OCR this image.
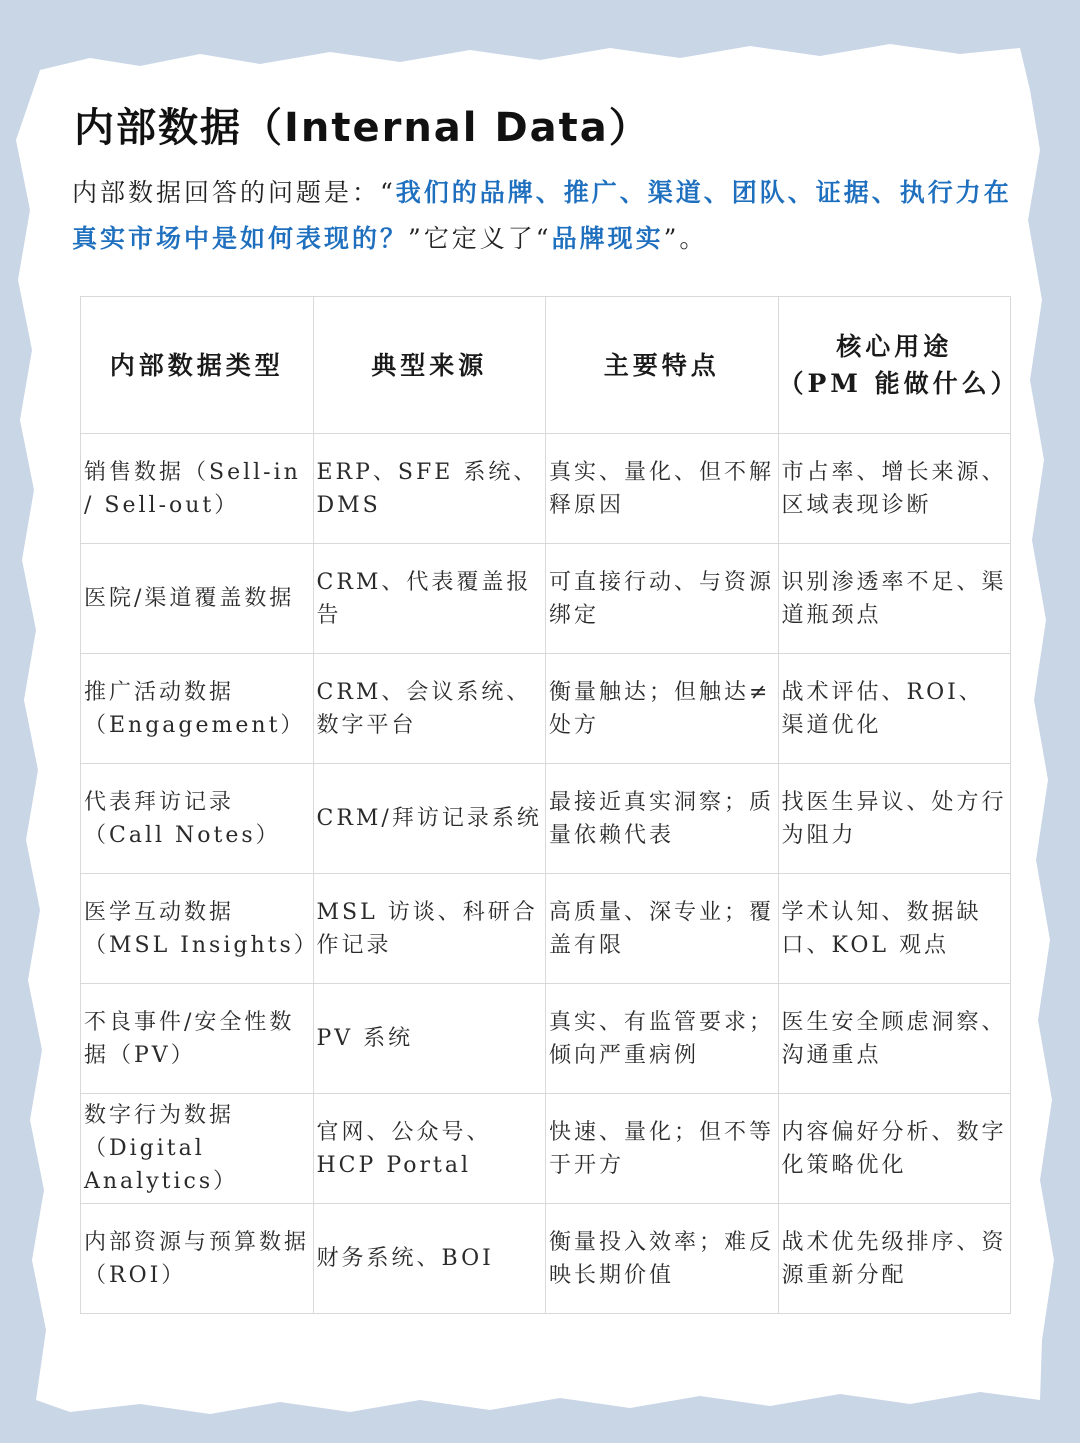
内部数据（Internal Data）
内部数据回答的问题是：“我们的品牌、推广、渠道、团队、证据、执行力在真实市场中是如何表现的？”它定义了“品牌现实”。
内部数据类型	典型来源	主要特点	核心用途
（PM 能做什么）

销售数据（Sell-in / Sell-out）	ERP、SFE 系统、DMS	真实、量化、但不解释原因	市占率、增长来源、区域表现诊断
医院/渠道覆盖数据	CRM、代表覆盖报告	可直接行动、与资源绑定	识别渗透率不足、渠道瓶颈点
推广活动数据（Engagement）	CRM、会议系统、数字平台	衡量触达；但触达≠处方	战术评估、ROI、渠道优化
代表拜访记录（Call Notes）	CRM/拜访记录系统	最接近真实洞察；质量依赖代表	找医生异议、处方行为阻力
医学互动数据（MSL Insights）	MSL 访谈、科研合作记录	高质量、深专业；覆盖有限	学术认知、数据缺口、KOL 观点
不良事件/安全性数据（PV）	PV 系统	真实、有监管要求；倾向严重病例	医生安全顾虑洞察、沟通重点
数字行为数据（Digital Analytics）	官网、公众号、HCP Portal	快速、量化；但不等于开方	内容偏好分析、数字化策略优化
内部资源与预算数据（ROI）	财务系统、BOI	衡量投入效率；难反映长期价值	战术优先级排序、资源重新分配
